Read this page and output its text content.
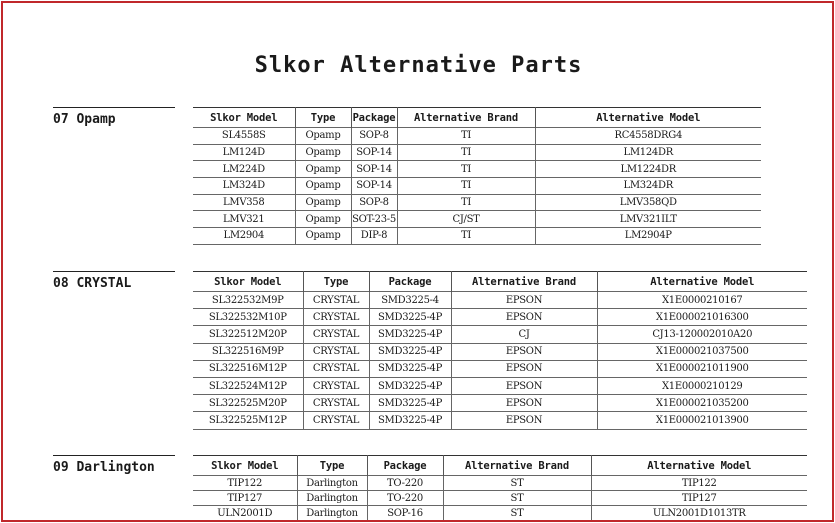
Slkor Alternative Parts
07 Opamp	Slkor Model	Type	Package	Alternative Brand	Alternative Model
SL4558S	Opamp	SOP-8	TI	RC4558DRG4
LM124D	Opamp	SOP-14	TI	LM124DR
LM224D	Opamp	SOP-14	TI	LM1224DR
LM324D	Opamp	SOP-14	TI	LM324DR
LMV358	Opamp	SOP-8	TI	LMV358QD
LMV321	Opamp	SOT-23-5	CJ/ST	LMV321ILT
LM2904	Opamp	DIP-8	TI	LM2904P
08 CRYSTAL	Slkor Model	Type	Package	Alternative Brand	Alternative Model
SL322532M9P	CRYSTAL	SMD3225-4	EPSON	X1E0000210167
SL322532M10P	CRYSTAL	SMD3225-4P	EPSON	X1E000021016300
SL322512M20P	CRYSTAL	SMD3225-4P	CJ	CJ13-120002010A20
SL322516M9P	CRYSTAL	SMD3225-4P	EPSON	X1E000021037500
SL322516M12P	CRYSTAL	SMD3225-4P	EPSON	X1E000021011900
SL322524M12P	CRYSTAL	SMD3225-4P	EPSON	X1E0000210129
SL322525M20P	CRYSTAL	SMD3225-4P	EPSON	X1E000021035200
SL322525M12P	CRYSTAL	SMD3225-4P	EPSON	X1E000021013900
09 Darlington	Slkor Model	Type	Package	Alternative Brand	Alternative Model
TIP122	Darlington	TO-220	ST	TIP122
TIP127	Darlington	TO-220	ST	TIP127
ULN2001D	Darlington	SOP-16	ST	ULN2001D1013TR
